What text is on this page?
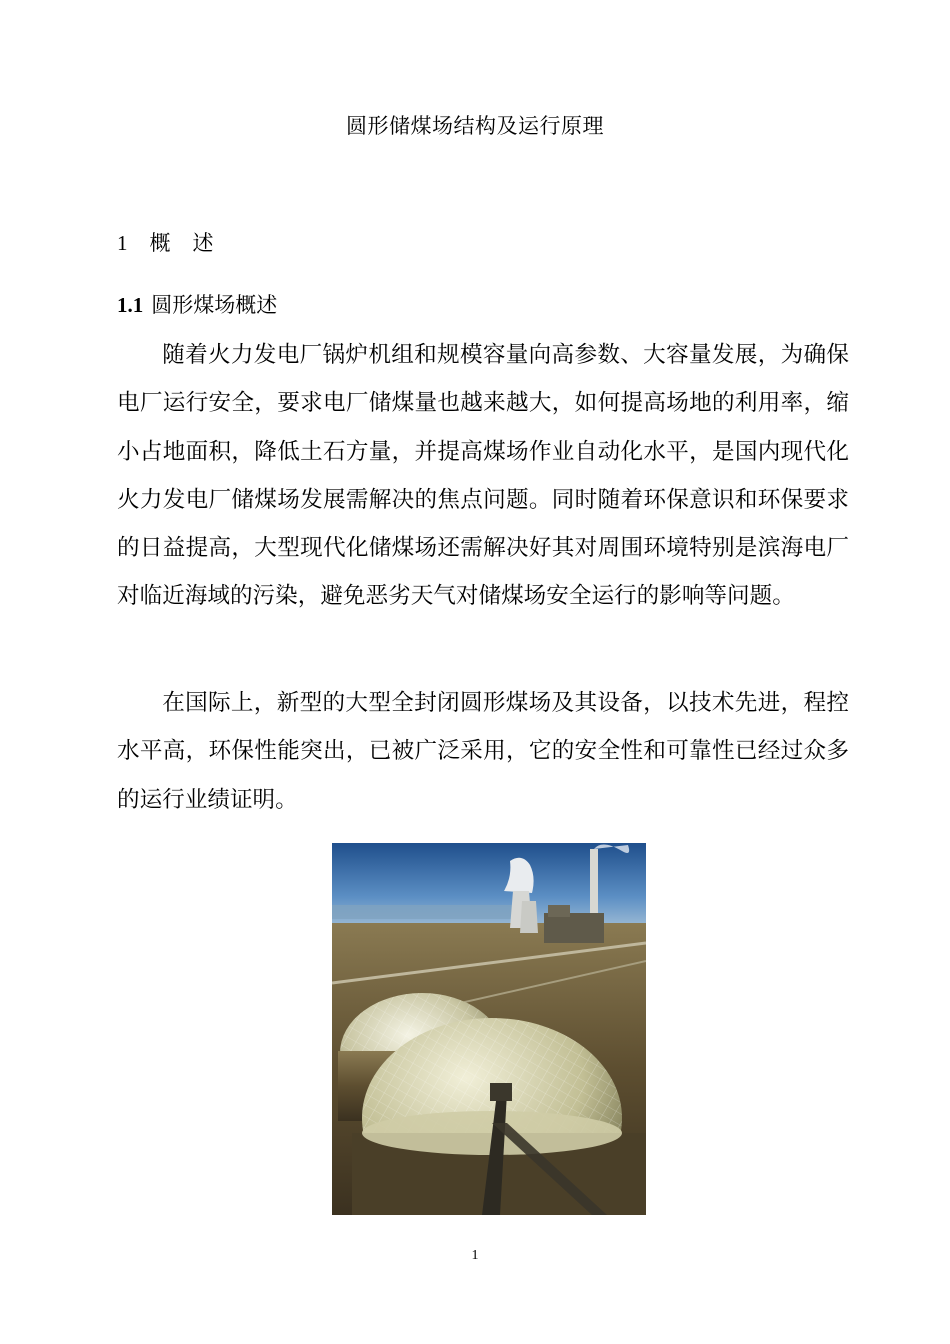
圆形储煤场结构及运行原理
1 概述
1.1 圆形煤场概述

随着火力发电厂锅炉机组和规模容量向高参数、大容量发展，为确保电厂运行安全，要求电厂储煤量也越来越大，如何提高场地的利用率，缩小占地面积，降低土石方量，并提高煤场作业自动化水平，是国内现代化火力发电厂储煤场发展需解决的焦点问题。同时随着环保意识和环保要求的日益提高，大型现代化储煤场还需解决好其对周围环境特别是滨海电厂对临近海域的污染，避免恶劣天气对储煤场安全运行的影响等问题。

在国际上，新型的大型全封闭圆形煤场及其设备，以技术先进，程控水平高，环保性能突出，已被广泛采用，它的安全性和可靠性已经过众多的运行业绩证明。

1
